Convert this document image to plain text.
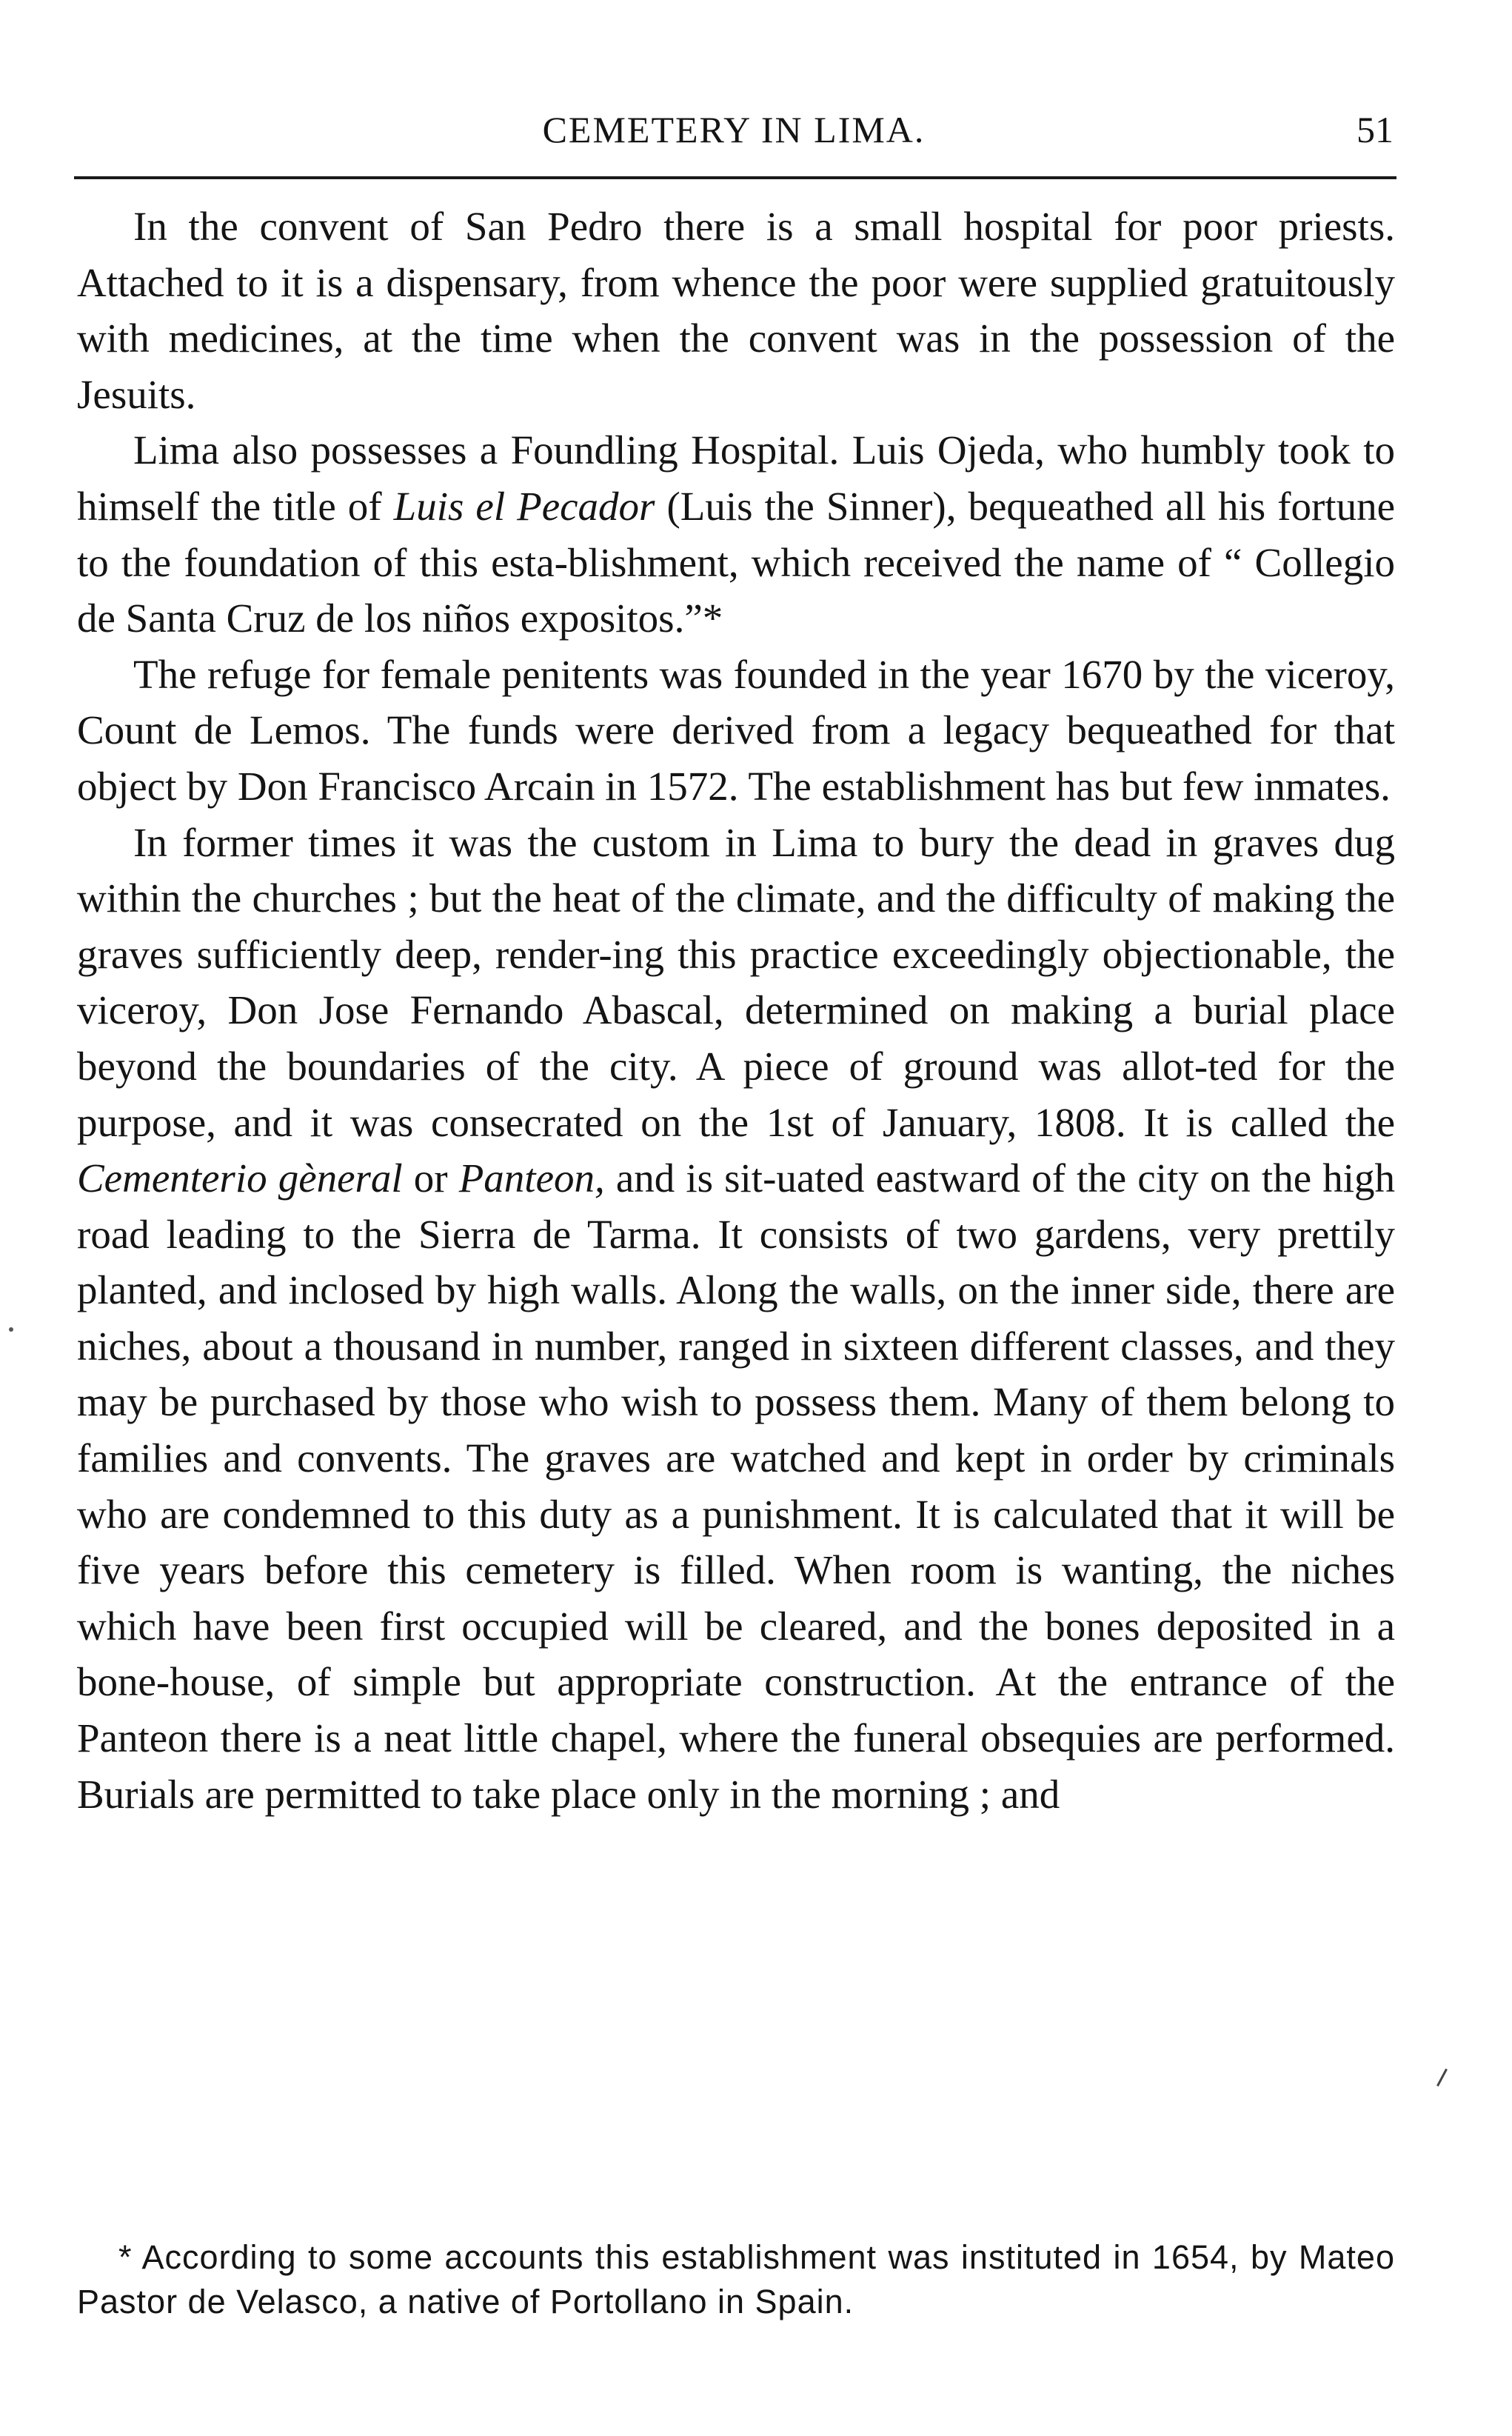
CEMETERY IN LIMA.	51

In the convent of San Pedro there is a small hospital for poor priests. Attached to it is a dispensary, from whence the poor were supplied gratuitously with medicines, at the time when the convent was in the possession of the Jesuits.

Lima also possesses a Foundling Hospital. Luis Ojeda, who humbly took to himself the title of Luis el Pecador (Luis the Sinner), bequeathed all his fortune to the foundation of this esta-blishment, which received the name of “ Collegio de Santa Cruz de los niños expositos.”*

The refuge for female penitents was founded in the year 1670 by the viceroy, Count de Lemos. The funds were derived from a legacy bequeathed for that object by Don Francisco Arcain in 1572. The establishment has but few inmates.

In former times it was the custom in Lima to bury the dead in graves dug within the churches ; but the heat of the climate, and the difficulty of making the graves sufficiently deep, render-ing this practice exceedingly objectionable, the viceroy, Don Jose Fernando Abascal, determined on making a burial place beyond the boundaries of the city. A piece of ground was allot-ted for the purpose, and it was consecrated on the 1st of January, 1808. It is called the Cementerio gèneral or Panteon, and is sit-uated eastward of the city on the high road leading to the Sierra de Tarma. It consists of two gardens, very prettily planted, and inclosed by high walls. Along the walls, on the inner side, there are niches, about a thousand in number, ranged in sixteen different classes, and they may be purchased by those who wish to possess them. Many of them belong to families and convents. The graves are watched and kept in order by criminals who are condemned to this duty as a punishment. It is calculated that it will be five years before this cemetery is filled. When room is wanting, the niches which have been first occupied will be cleared, and the bones deposited in a bone-house, of simple but appropriate construction. At the entrance of the Panteon there is a neat little chapel, where the funeral obsequies are performed. Burials are permitted to take place only in the morning ; and

* According to some accounts this establishment was instituted in 1654, by Mateo Pastor de Velasco, a native of Portollano in Spain.
